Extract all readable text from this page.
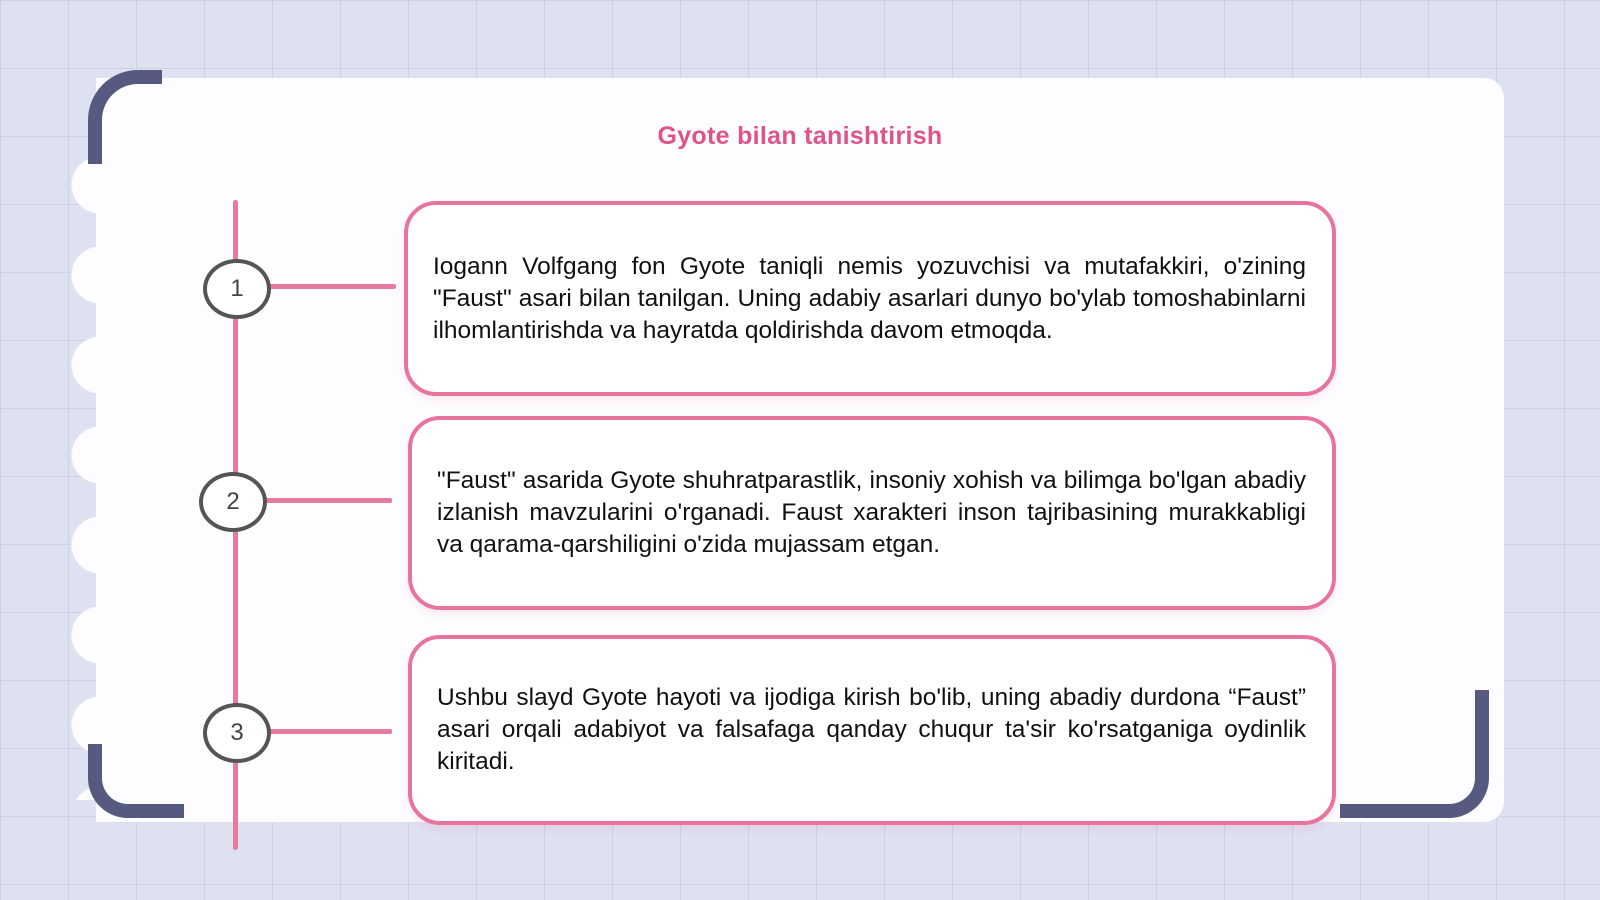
Gyote bilan tanishtirish
1

Iogann Volfgang fon Gyote taniqli nemis yozuvchisi va mutafakkiri, o'zining "Faust" asari bilan tanilgan. Uning adabiy asarlari dunyo bo'ylab tomoshabinlarni ilhomlantirishda va hayratda qoldirishda davom etmoqda.

2

"Faust" asarida Gyote shuhratparastlik, insoniy xohish va bilimga bo'lgan abadiy izlanish mavzularini o'rganadi. Faust xarakteri inson tajribasining murakkabligi va qarama-qarshiligini o'zida mujassam etgan.

3

Ushbu slayd Gyote hayoti va ijodiga kirish bo'lib, uning abadiy durdona “Faust” asari orqali adabiyot va falsafaga qanday chuqur ta'sir ko'rsatganiga oydinlik kiritadi.
